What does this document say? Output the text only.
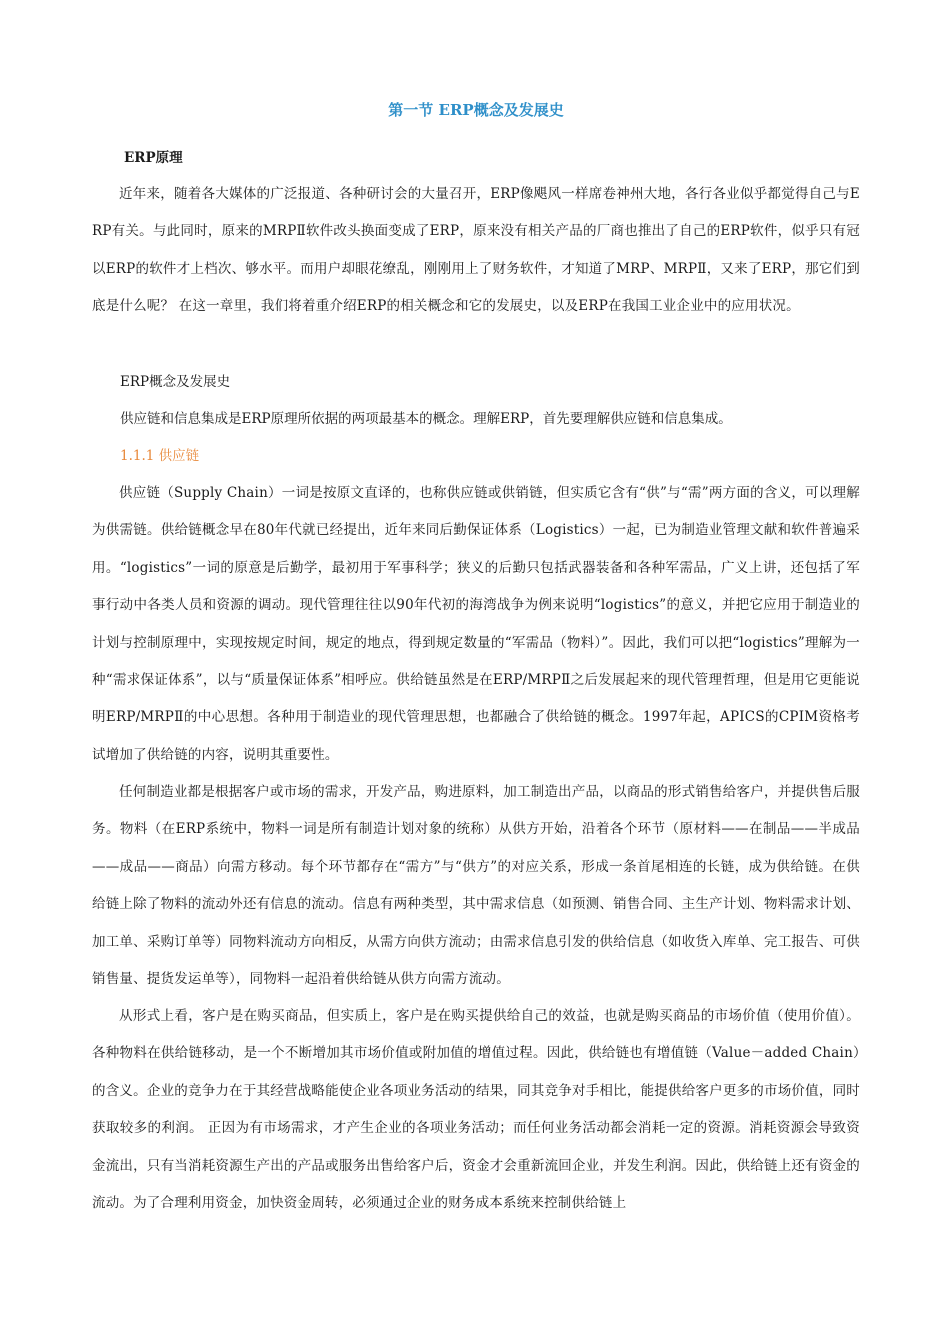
第一节 ERP概念及发展史
ERP原理
近年来，随着各大媒体的广泛报道、各种研讨会的大量召开，ERP像飓风一样席卷神州大地，各行各业似乎都觉得自己与ERP有关。与此同时，原来的MRPⅡ软件改头换面变成了ERP，原来没有相关产品的厂商也推出了自己的ERP软件，似乎只有冠以ERP的软件才上档次、够水平。而用户却眼花缭乱，刚刚用上了财务软件，才知道了MRP、MRPⅡ，又来了ERP，那它们到底是什么呢？ 在这一章里，我们将着重介绍ERP的相关概念和它的发展史，以及ERP在我国工业企业中的应用状况。
ERP概念及发展史
供应链和信息集成是ERP原理所依据的两项最基本的概念。理解ERP，首先要理解供应链和信息集成。
1.1.1 供应链
供应链（Supply Chain）一词是按原文直译的，也称供应链或供销链，但实质它含有“供”与“需”两方面的含义，可以理解为供需链。供给链概念早在80年代就已经提出，近年来同后勤保证体系（Logistics）一起，已为制造业管理文献和软件普遍采用。“logistics”一词的原意是后勤学，最初用于军事科学；狭义的后勤只包括武器装备和各种军需品，广义上讲，还包括了军事行动中各类人员和资源的调动。现代管理往往以90年代初的海湾战争为例来说明“logistics”的意义，并把它应用于制造业的计划与控制原理中，实现按规定时间，规定的地点，得到规定数量的“军需品（物料）”。因此，我们可以把“logistics”理解为一种“需求保证体系”，以与“质量保证体系”相呼应。供给链虽然是在ERP/MRPⅡ之后发展起来的现代管理哲理，但是用它更能说明ERP/MRPⅡ的中心思想。各种用于制造业的现代管理思想，也都融合了供给链的概念。1997年起，APICS的CPIM资格考试增加了供给链的内容，说明其重要性。
任何制造业都是根据客户或市场的需求，开发产品，购进原料，加工制造出产品，以商品的形式销售给客户，并提供售后服务。物料（在ERP系统中，物料一词是所有制造计划对象的统称）从供方开始，沿着各个环节（原材料——在制品——半成品——成品——商品）向需方移动。每个环节都存在“需方”与“供方”的对应关系，形成一条首尾相连的长链，成为供给链。在供给链上除了物料的流动外还有信息的流动。信息有两种类型，其中需求信息（如预测、销售合同、主生产计划、物料需求计划、加工单、采购订单等）同物料流动方向相反，从需方向供方流动；由需求信息引发的供给信息（如收货入库单、完工报告、可供销售量、提货发运单等），同物料一起沿着供给链从供方向需方流动。
从形式上看，客户是在购买商品，但实质上，客户是在购买提供给自己的效益，也就是购买商品的市场价值（使用价值）。各种物料在供给链移动，是一个不断增加其市场价值或附加值的增值过程。因此，供给链也有增值链（Value－added Chain）的含义。企业的竞争力在于其经营战略能使企业各项业务活动的结果，同其竞争对手相比，能提供给客户更多的市场价值，同时获取较多的利润。 正因为有市场需求，才产生企业的各项业务活动；而任何业务活动都会消耗一定的资源。消耗资源会导致资金流出，只有当消耗资源生产出的产品或服务出售给客户后，资金才会重新流回企业，并发生利润。因此，供给链上还有资金的流动。为了合理利用资金，加快资金周转，必须通过企业的财务成本系统来控制供给链上
